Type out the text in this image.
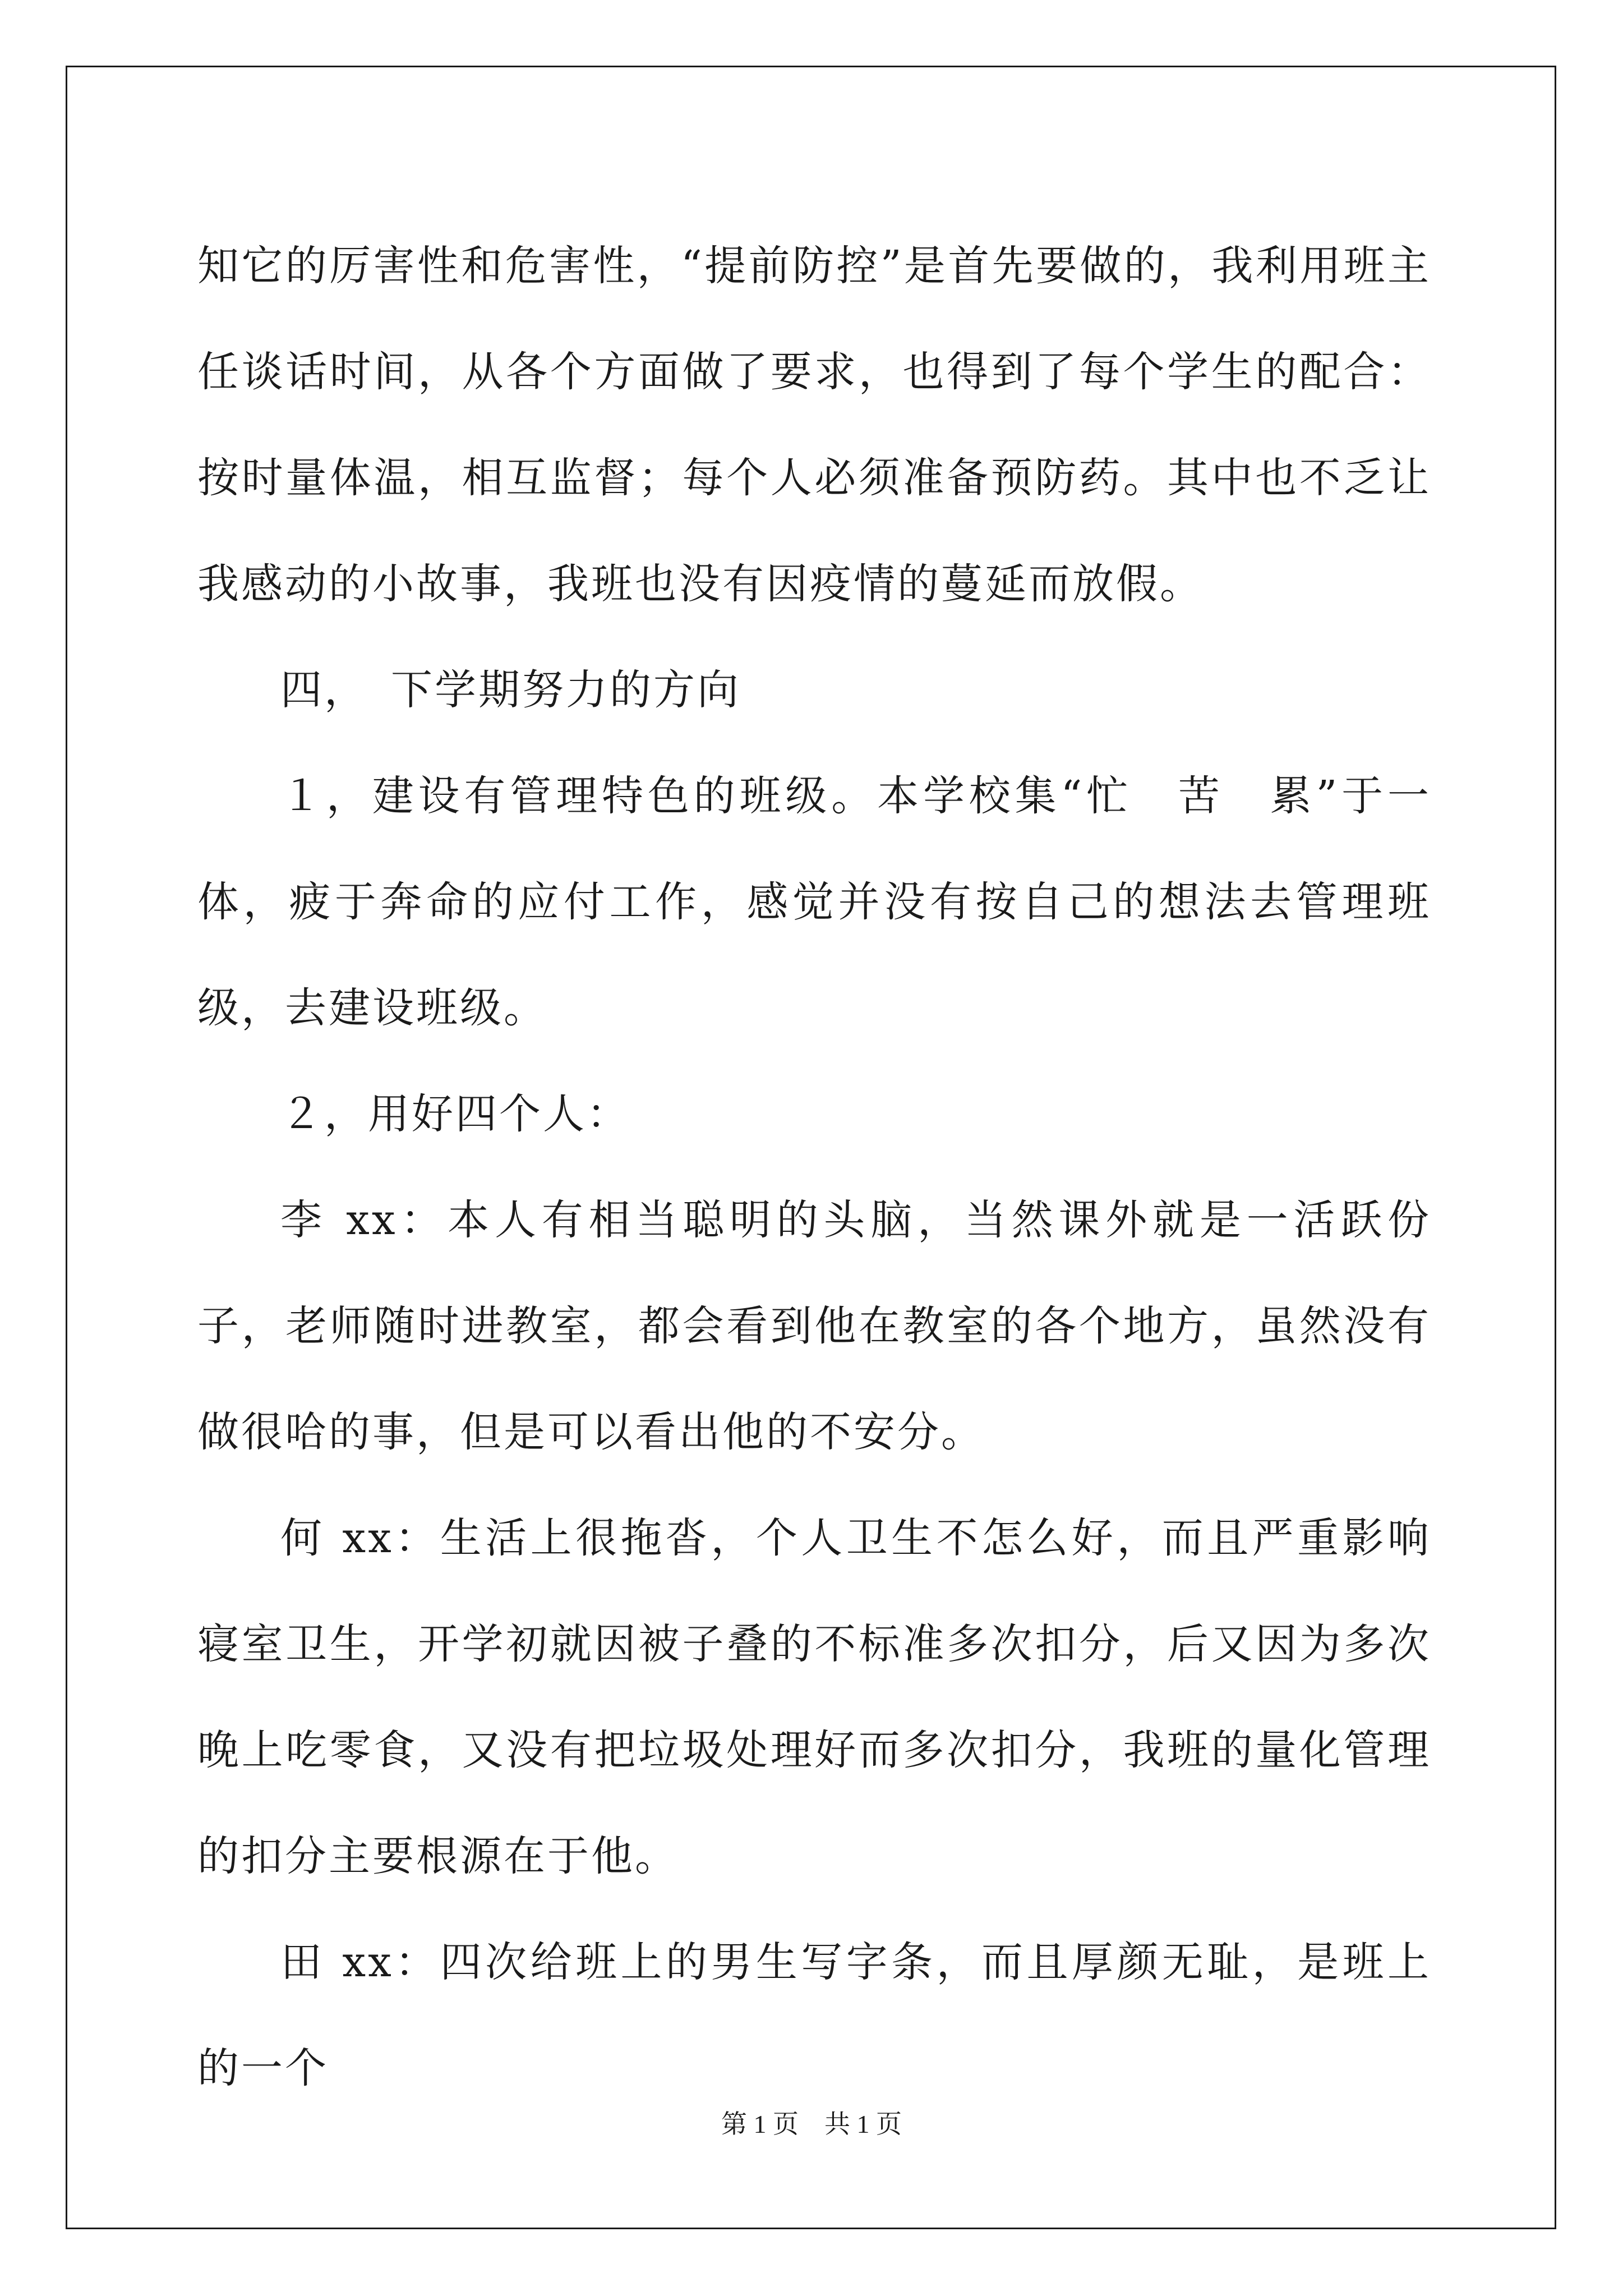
知它的厉害性和危害性，“提前防控”是首先要做的，我利用班主任谈话时间，从各个方面做了要求，也得到了每个学生的配合：按时量体温，相互监督；每个人必须准备预防药。其中也不乏让我感动的小故事，我班也没有因疫情的蔓延而放假。

四，　下学期努力的方向

１，建设有管理特色的班级。本学校集“忙　苦　累”于一体，疲于奔命的应付工作，感觉并没有按自己的想法去管理班级，去建设班级。

２，用好四个人：

李 xx：本人有相当聪明的头脑，当然课外就是一活跃份子，老师随时进教室，都会看到他在教室的各个地方，虽然没有做很哈的事，但是可以看出他的不安分。

何 xx：生活上很拖沓，个人卫生不怎么好，而且严重影响寝室卫生，开学初就因被子叠的不标准多次扣分，后又因为多次晚上吃零食，又没有把垃圾处理好而多次扣分，我班的量化管理的扣分主要根源在于他。

田 xx：四次给班上的男生写字条，而且厚颜无耻，是班上的一个

第 1 页　共 1 页
